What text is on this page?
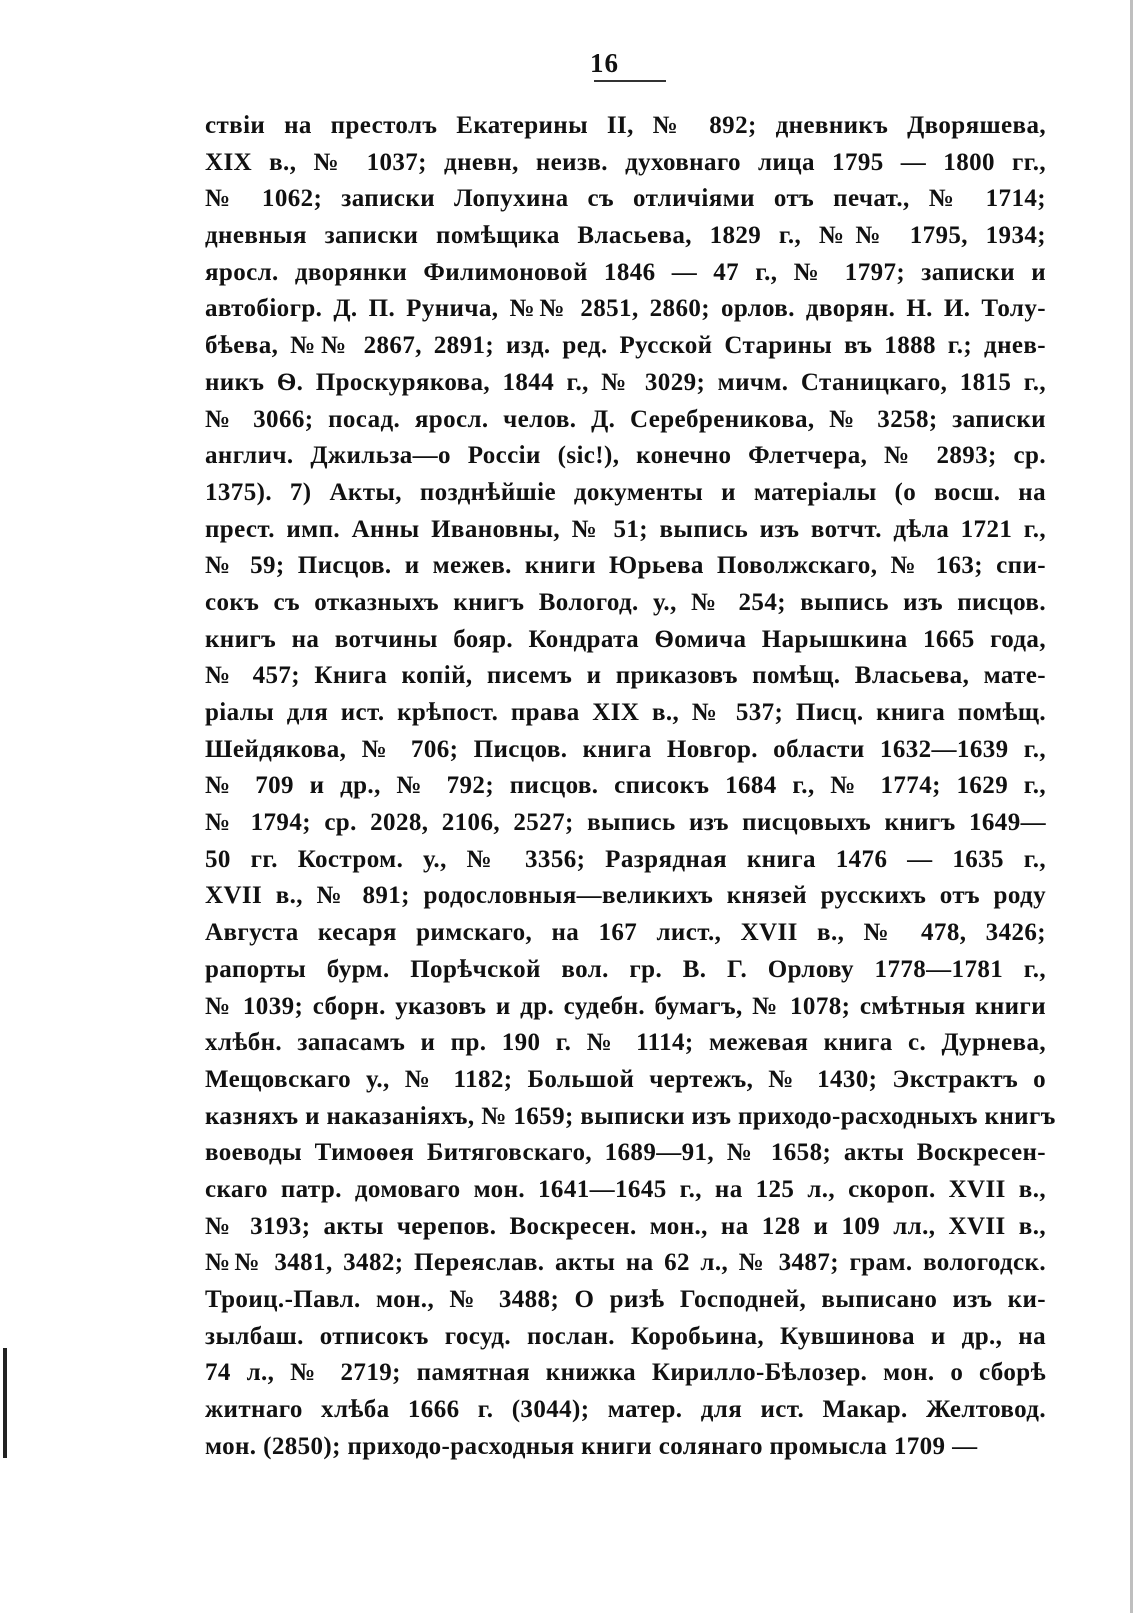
16
ствіи на престолъ Екатерины II, № 892; дневникъ Дворяшева,
XIX в., № 1037; дневн, неизв. духовнаго лица 1795 — 1800 гг.,
№ 1062; записки Лопухина съ отличіями отъ печат., № 1714;
дневныя записки помѣщика Власьева, 1829 г., №№ 1795, 1934;
яросл. дворянки Филимоновой 1846 — 47 г., № 1797; записки и
автобіогр. Д. П. Рунича, №№ 2851, 2860; орлов. дворян. Н. И. Толу-
бѣева, №№ 2867, 2891; изд. ред. Русской Старины въ 1888 г.; днев-
никъ Ѳ. Проскурякова, 1844 г., № 3029; мичм. Станицкаго, 1815 г.,
№ 3066; посад. яросл. челов. Д. Серебреникова, № 3258; записки
англич. Джильза—о Россіи (sic!), конечно Флетчера, № 2893; ср.
1375). 7) Акты, позднѣйшіе документы и матеріалы (о восш. на
прест. имп. Анны Ивановны, № 51; выпись изъ вотчт. дѣла 1721 г.,
№ 59; Писцов. и межев. книги Юрьева Поволжскаго, № 163; спи-
сокъ съ отказныхъ книгъ Вологод. у., № 254; выпись изъ писцов.
книгъ на вотчины бояр. Кондрата Ѳомича Нарышкина 1665 года,
№ 457; Книга копій, писемъ и приказовъ помѣщ. Власьева, мате-
ріалы для ист. крѣпост. права XIX в., № 537; Писц. книга помѣщ.
Шейдякова, № 706; Писцов. книга Новгор. области 1632—1639 г.,
№ 709 и др., № 792; писцов. списокъ 1684 г., № 1774; 1629 г.,
№ 1794; ср. 2028, 2106, 2527; выпись изъ писцовыхъ книгъ 1649—
50 гг. Костром. у., № 3356; Разрядная книга 1476 — 1635 г.,
XVII в., № 891; родословныя—великихъ князей русскихъ отъ роду
Августа кесаря римскаго, на 167 лист., XVII в., № 478, 3426;
рапорты бурм. Порѣчской вол. гр. В. Г. Орлову 1778—1781 г.,
№ 1039; сборн. указовъ и др. судебн. бумагъ, № 1078; смѣтныя книги
хлѣбн. запасамъ и пр. 190 г. № 1114; межевая книга с. Дурнева,
Мещовскаго у., № 1182; Большой чертежъ, № 1430; Экстрактъ о
казняхъ и наказаніяхъ, № 1659; выписки изъ приходо-расходныхъ книгъ
воеводы Тимоѳея Битяговскаго, 1689—91, № 1658; акты Воскресен-
скаго патр. домоваго мон. 1641—1645 г., на 125 л., скороп. XVII в.,
№ 3193; акты черепов. Воскресен. мон., на 128 и 109 лл., XVII в.,
№№ 3481, 3482; Переяслав. акты на 62 л., № 3487; грам. вологодск.
Троиц.-Павл. мон., № 3488; О ризѣ Господней, выписано изъ ки-
зылбаш. отписокъ госуд. послан. Коробьина, Кувшинова и др., на
74 л., № 2719; памятная книжка Кирилло-Бѣлозер. мон. о сборѣ
житнаго хлѣба 1666 г. (3044); матер. для ист. Макар. Желтовод.
мон. (2850); приходо-расходныя книги солянаго промысла 1709 —
